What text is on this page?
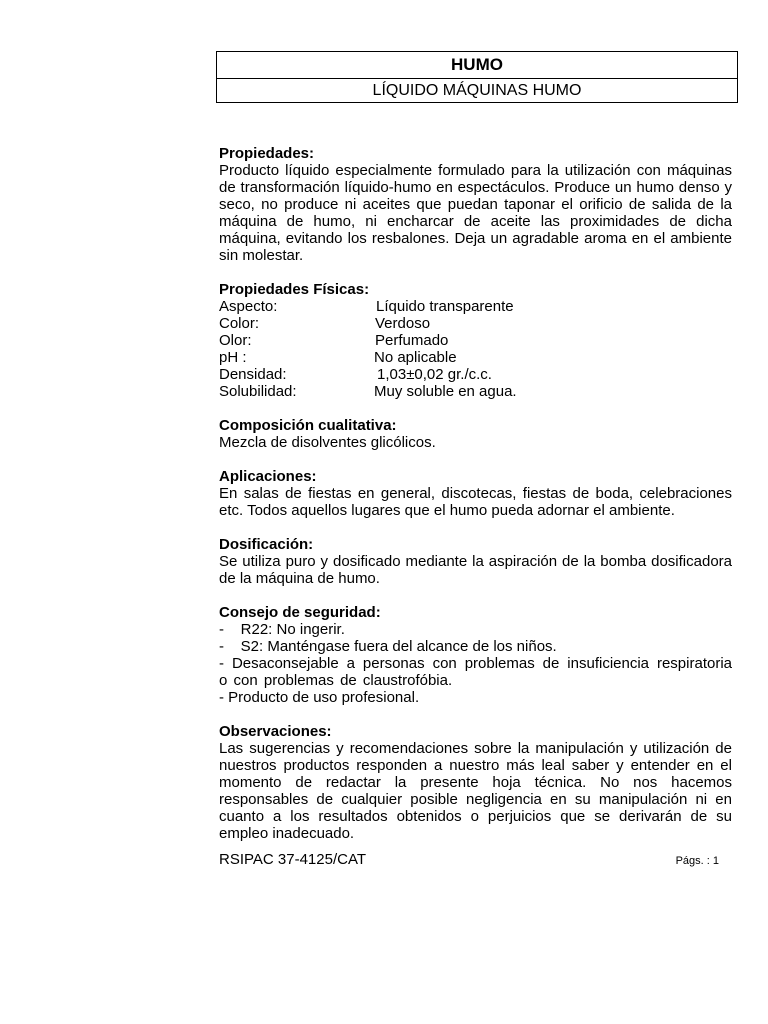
HUMO
LÍQUIDO MÁQUINAS HUMO
Propiedades:
Producto líquido especialmente formulado para la utilización con máquinas de transformación líquido-humo en espectáculos. Produce un humo denso y seco, no produce ni aceites que puedan taponar el orificio de salida de la máquina de humo, ni encharcar de aceite las proximidades de dicha máquina, evitando los resbalones. Deja un agradable aroma en el ambiente sin molestar.
Propiedades Físicas:
Aspecto:	Líquido transparente
Color:	Verdoso
Olor:	Perfumado
pH :	No aplicable
Densidad:	1,03±0,02 gr./c.c.
Solubilidad:	Muy soluble en agua.
Composición cualitativa:
Mezcla de disolventes glicólicos.
Aplicaciones:
En salas de fiestas en general, discotecas, fiestas de boda, celebraciones etc. Todos aquellos lugares que el humo pueda adornar el ambiente.
Dosificación:
Se utiliza puro y dosificado mediante la aspiración de la bomba dosificadora de la máquina de humo.
Consejo de seguridad:
-    R22: No ingerir.
-    S2: Manténgase fuera del alcance de los niños.
- Desaconsejable a personas con problemas de insuficiencia respiratoria o con problemas de claustrofóbia.
- Producto de uso profesional.
Observaciones:
Las sugerencias y recomendaciones sobre la manipulación y utilización de nuestros productos responden a nuestro más leal saber y entender en el momento de redactar la presente hoja técnica. No nos hacemos responsables de cualquier posible negligencia en su manipulación ni en cuanto a los resultados obtenidos o perjuicios que se derivarán de su empleo inadecuado.
RSIPAC 37-4125/CAT	Págs. : 1
